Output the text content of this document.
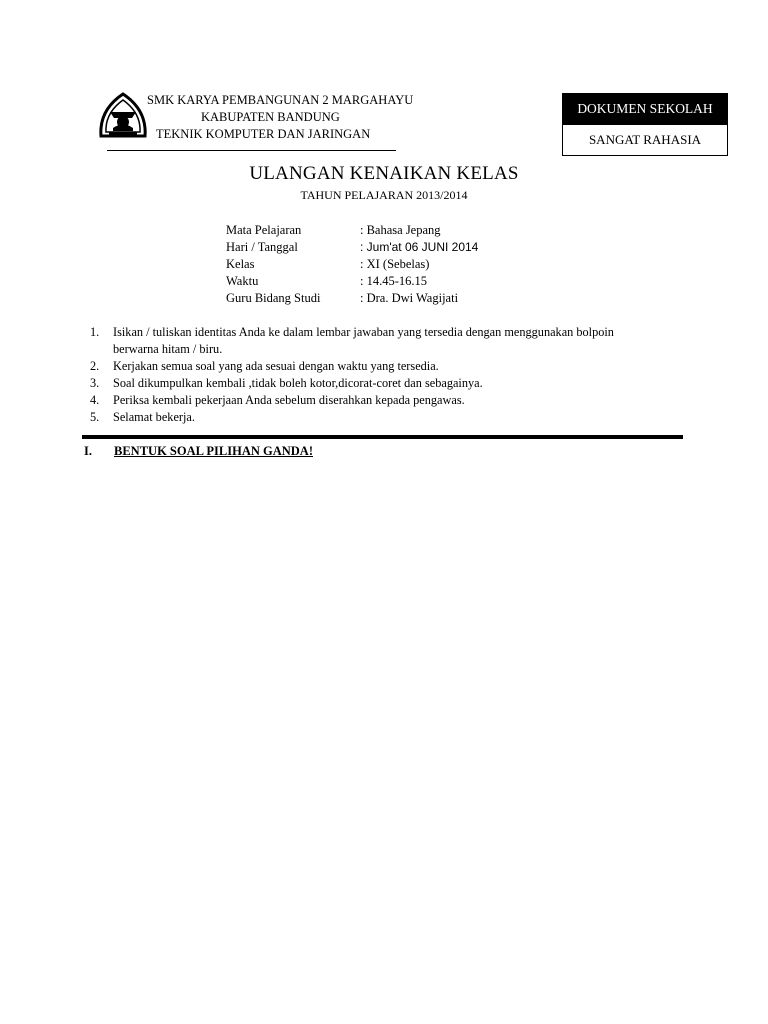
SMK KARYA PEMBANGUNAN 2 MARGAHAYU
KABUPATEN BANDUNG
TEKNIK KOMPUTER DAN JARINGAN
DOKUMEN SEKOLAH
SANGAT RAHASIA
ULANGAN KENAIKAN KELAS
TAHUN PELAJARAN 2013/2014
Mata Pelajaran	: Bahasa Jepang
Hari / Tanggal	: Jum'at 06 JUNI 2014
Kelas	: XI (Sebelas)
Waktu	: 14.45-16.15
Guru Bidang Studi	: Dra. Dwi Wagijati
1. Isikan / tuliskan identitas Anda ke dalam lembar jawaban yang tersedia dengan menggunakan bolpoin berwarna hitam / biru.
2. Kerjakan semua soal yang ada sesuai dengan waktu yang tersedia.
3. Soal dikumpulkan kembali ,tidak boleh kotor,dicorat-coret dan sebagainya.
4. Periksa kembali pekerjaan Anda sebelum diserahkan kepada pengawas.
5. Selamat bekerja.
I. BENTUK SOAL PILIHAN GANDA!
